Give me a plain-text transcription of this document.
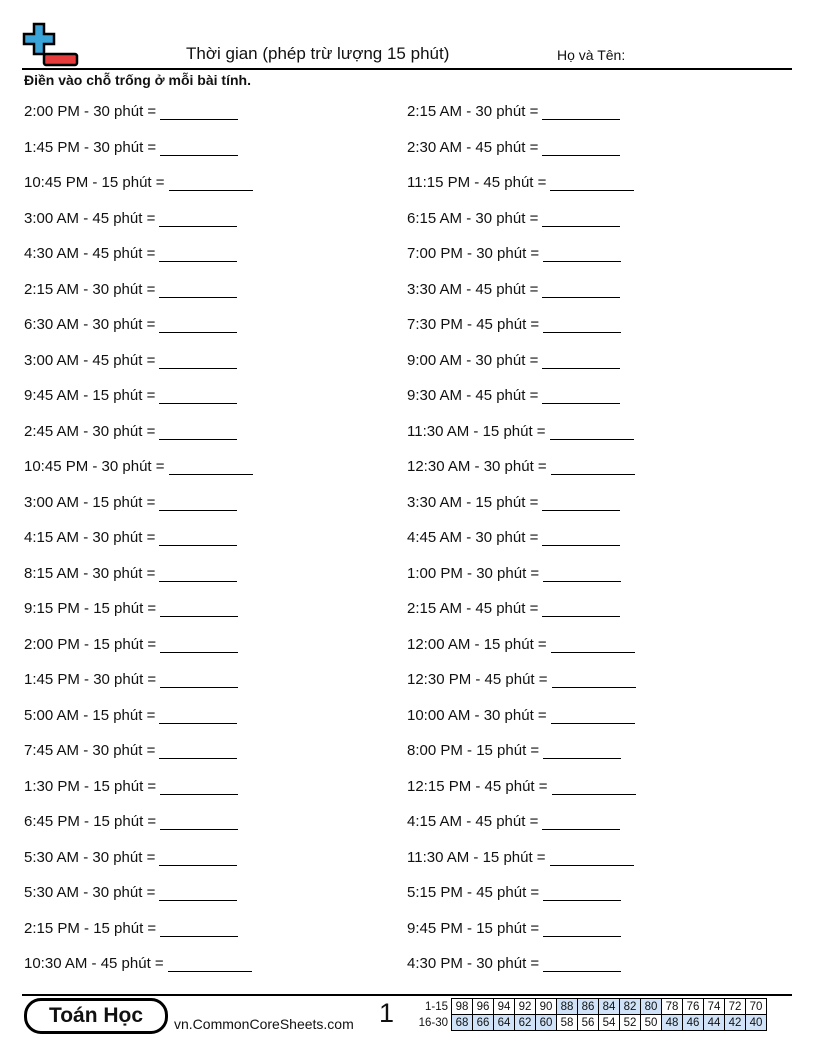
Thời gian (phép trừ lượng 15 phút)	Họ và Tên:
Điền vào chỗ trống ở mỗi bài tính.
2:00 PM - 30 phút =
1:45 PM - 30 phút =
10:45 PM - 15 phút =
3:00 AM - 45 phút =
4:30 AM - 45 phút =
2:15 AM - 30 phút =
6:30 AM - 30 phút =
3:00 AM - 45 phút =
9:45 AM - 15 phút =
2:45 AM - 30 phút =
10:45 PM - 30 phút =
3:00 AM - 15 phút =
4:15 AM - 30 phút =
8:15 AM - 30 phút =
9:15 PM - 15 phút =
2:00 PM - 15 phút =
1:45 PM - 30 phút =
5:00 AM - 15 phút =
7:45 AM - 30 phút =
1:30 PM - 15 phút =
6:45 PM - 15 phút =
5:30 AM - 30 phút =
5:30 AM - 30 phút =
2:15 PM - 15 phút =
10:30 AM - 45 phút =
2:15 AM - 30 phút =
2:30 AM - 45 phút =
11:15 PM - 45 phút =
6:15 AM - 30 phút =
7:00 PM - 30 phút =
3:30 AM - 45 phút =
7:30 PM - 45 phút =
9:00 AM - 30 phút =
9:30 AM - 45 phút =
11:30 AM - 15 phút =
12:30 AM - 30 phút =
3:30 AM - 15 phút =
4:45 AM - 30 phút =
1:00 PM - 30 phút =
2:15 AM - 45 phút =
12:00 AM - 15 phút =
12:30 PM - 45 phút =
10:00 AM - 30 phút =
8:00 PM - 15 phút =
12:15 PM - 45 phút =
4:15 AM - 45 phút =
11:30 AM - 15 phút =
5:15 PM - 45 phút =
9:45 PM - 15 phút =
4:30 PM - 30 phút =
Toán Học	vn.CommonCoreSheets.com 1	1-15	98	96	94	92	90	88	86	84	82	80	78	76	74	72	70
16-30	68	66	64	62	60	58	56	54	52	50	48	46	44	42	40
